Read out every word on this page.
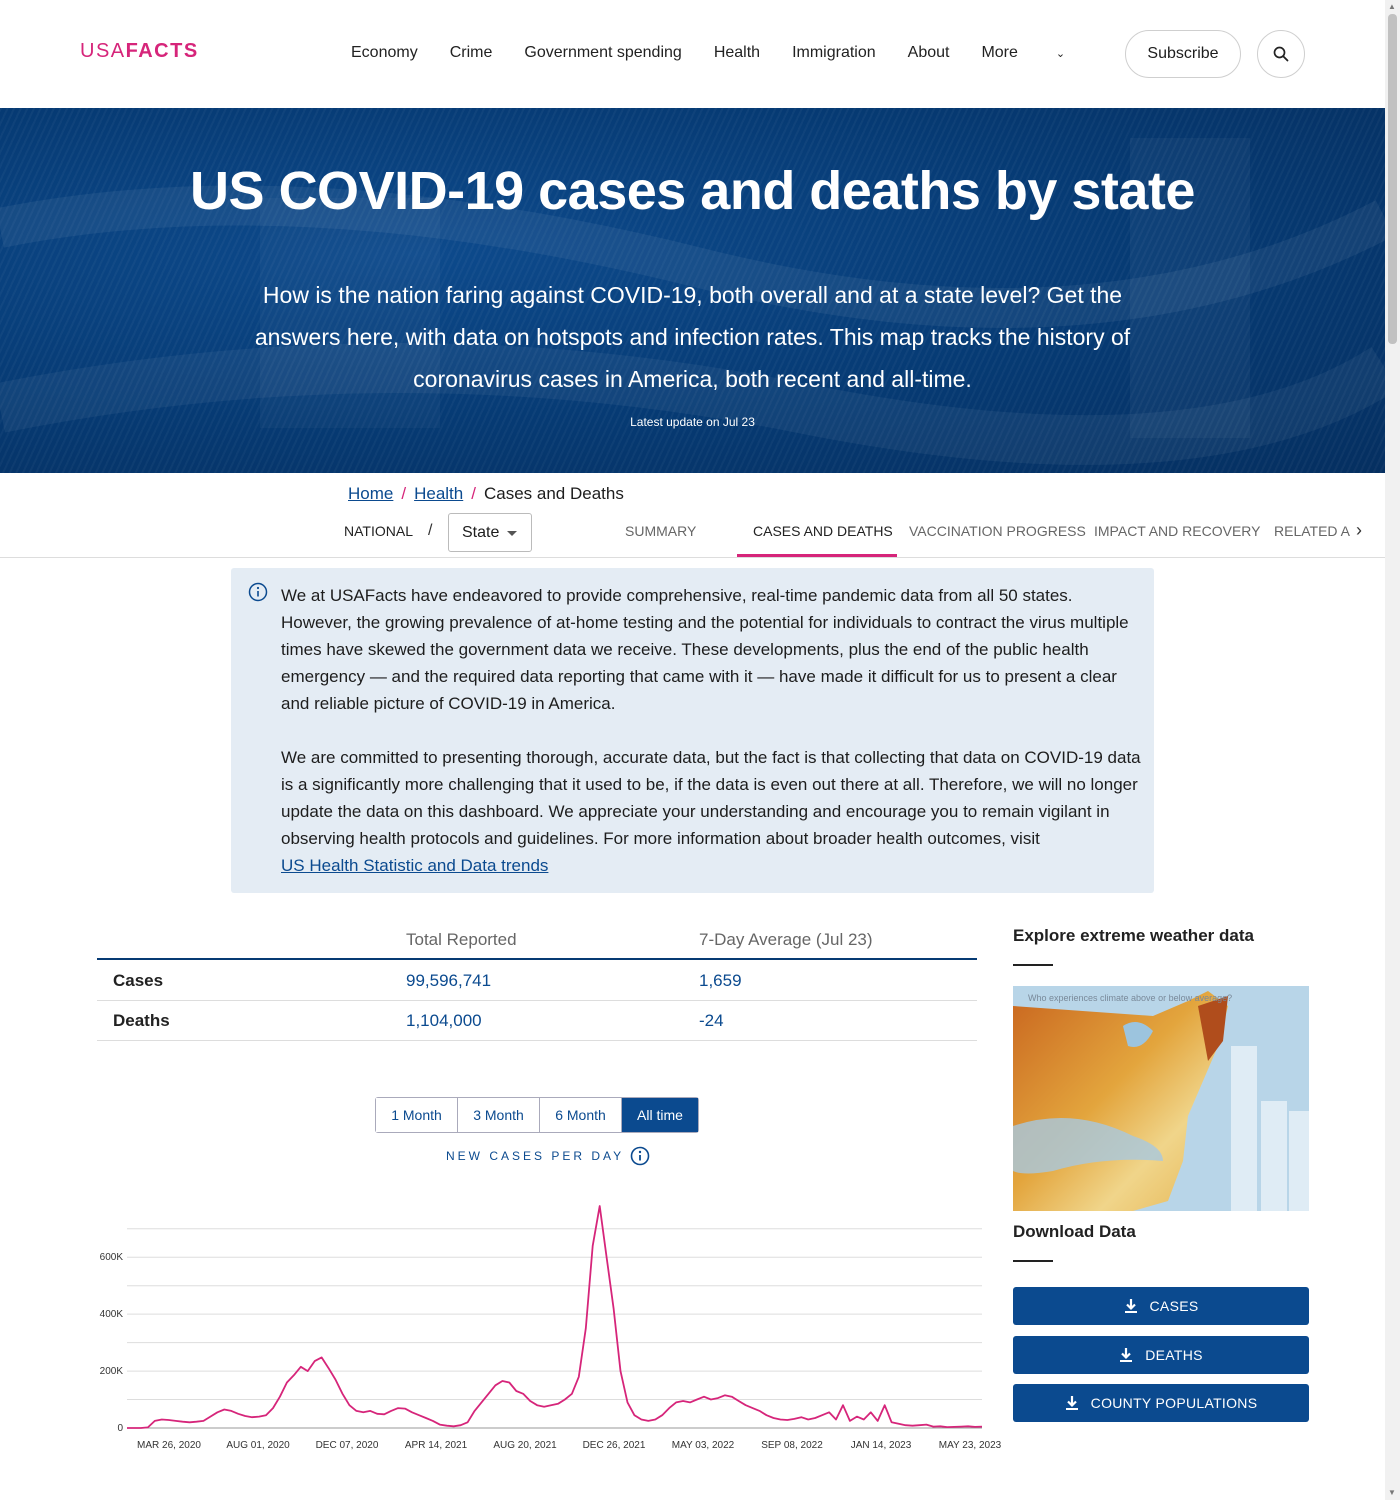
USAFACTS	Economy Crime Government spending Health Immigration About More	⌄	Subscribe
US COVID-19 cases and deaths by state

How is the nation faring against COVID-19, both overall and at a state level? Get the answers here, with data on hotspots and infection rates. This map tracks the history of coronavirus cases in America, both recent and all-time.

Latest update on Jul 23
Home / Health / Cases and Deaths
NATIONAL / State	SUMMARY	CASES AND DEATHS VACCINATION PROGRESS IMPACT AND RECOVERY RELATED A ›

We at USAFacts have endeavored to provide comprehensive, real-time pandemic data from all 50 states. However, the growing prevalence of at-home testing and the potential for individuals to contract the virus multiple times have skewed the government data we receive. These developments, plus the end of the public health emergency — and the required data reporting that came with it — have made it difficult for us to present a clear and reliable picture of COVID-19 in America.

We are committed to presenting thorough, accurate data, but the fact is that collecting that data on COVID-19 data is a significantly more challenging that it used to be, if the data is even out there at all. Therefore, we will no longer update the data on this dashboard. We appreciate your understanding and encourage you to remain vigilant in observing health protocols and guidelines. For more information about broader health outcomes, visit
US Health Statistic and Data trends

Total Reported	7-Day Average (Jul 23)
Cases	99,596,741	1,659
Deaths	1,104,000	-24
1 Month	3 Month	6 Month	All time
NEW CASES PER DAY
0
200K
400K
600K
MAR 26, 2020	AUG 01, 2020	DEC 07, 2020	APR 14, 2021	AUG 20, 2021	DEC 26, 2021	MAY 03, 2022	SEP 08, 2022	JAN 14, 2023	MAY 23, 2023
Explore extreme weather data
Who experiences climate above or below average?
Download Data
CASES
DEATHS
COUNTY POPULATIONS
▲
▼
